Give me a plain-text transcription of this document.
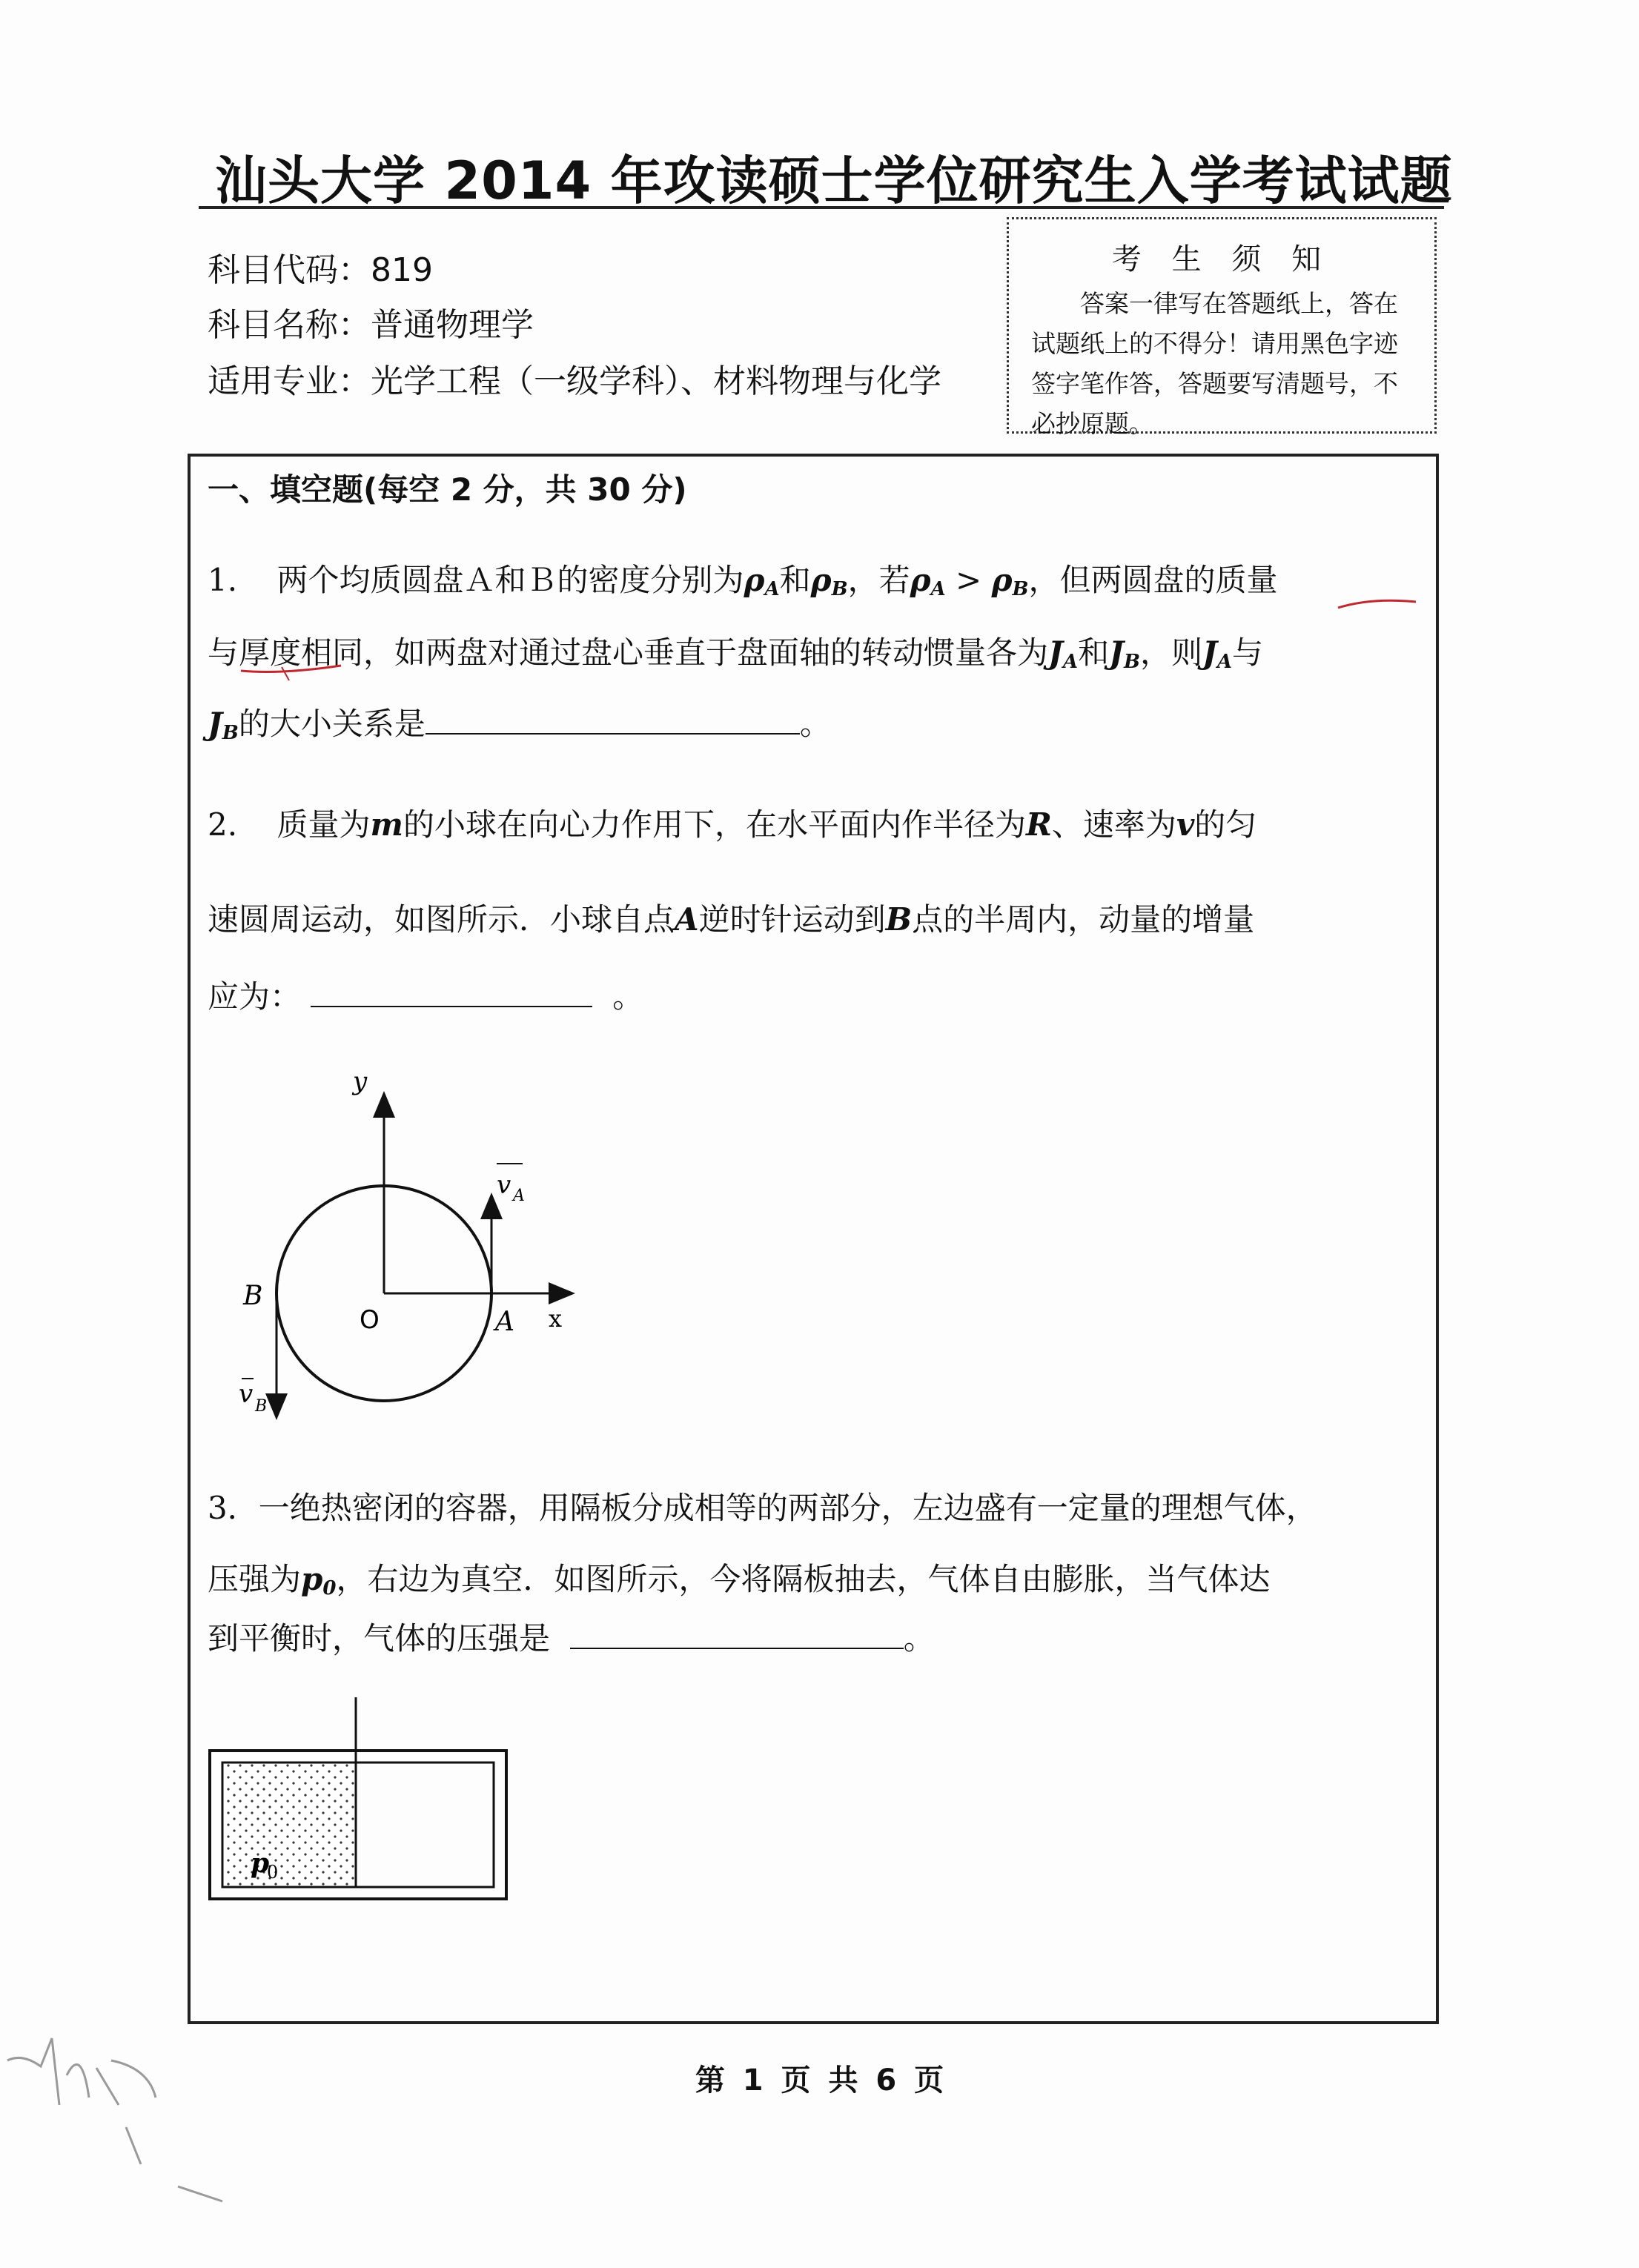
汕头大学 2014 年攻读硕士学位研究生入学考试试题
科目代码：819
科目名称：普通物理学
适用专业：光学工程（一级学科）、材料物理与化学
考 生 须 知
答案一律写在答题纸上，答在试题纸上的不得分！请用黑色字迹签字笔作答，答题要写清题号，不必抄原题。
一、填空题(每空 2 分，共 30 分)
1. 两个均质圆盘Ａ和Ｂ的密度分别为$\rho_A$和$\rho_B$，若$\rho_A > \rho_B$，但两圆盘的质量
与厚度相同，如两盘对通过盘心垂直于盘面轴的转动惯量各为$J_A$和$J_B$，则$J_A$与
$J_B$的大小关系是	。
2. 质量为m的小球在向心力作用下，在水平面内作半径为R、速率为v的匀
速圆周运动，如图所示．小球自点A逆时针运动到B点的半周内，动量的增量
应为：	。
y
x
O	A
B
v A
v B
3．一绝热密闭的容器，用隔板分成相等的两部分，左边盛有一定量的理想气体，
压强为$p_0$，右边为真空．如图所示，今将隔板抽去，气体自由膨胀，当气体达
到平衡时，气体的压强是	。
p
0
第 1 页 共 6 页
